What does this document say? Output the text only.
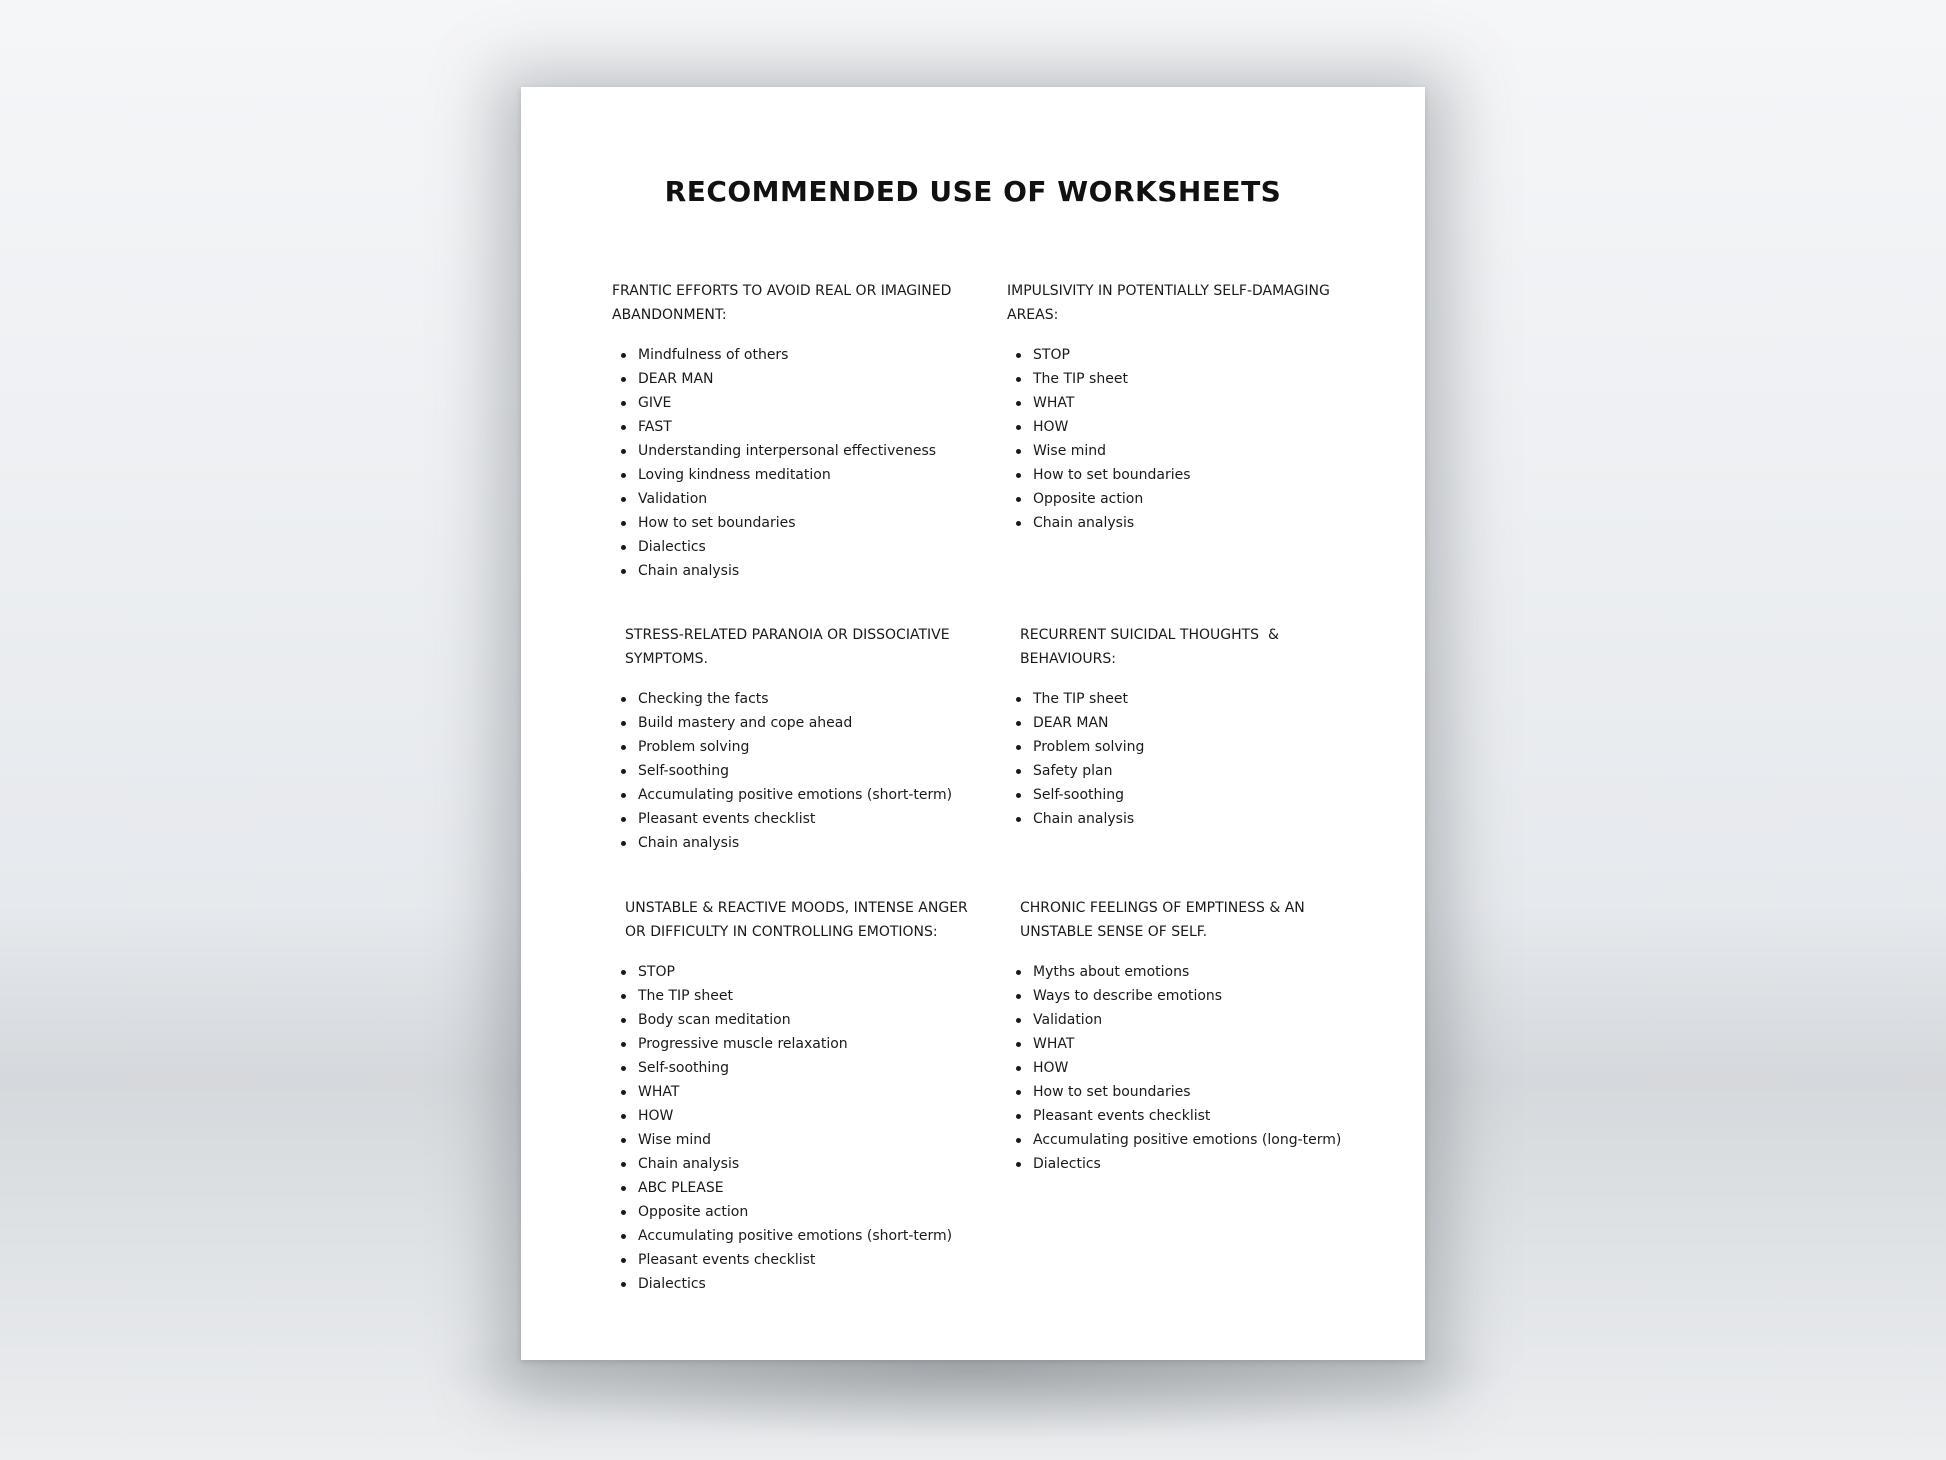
RECOMMENDED USE OF WORKSHEETS
FRANTIC EFFORTS TO AVOID REAL OR IMAGINED
ABANDONMENT:
Mindfulness of others
DEAR MAN
GIVE
FAST
Understanding interpersonal effectiveness
Loving kindness meditation
Validation
How to set boundaries
Dialectics
Chain analysis
IMPULSIVITY IN POTENTIALLY SELF-DAMAGING
AREAS:
STOP
The TIP sheet
WHAT
HOW
Wise mind
How to set boundaries
Opposite action
Chain analysis
STRESS-RELATED PARANOIA OR DISSOCIATIVE
SYMPTOMS.
Checking the facts
Build mastery and cope ahead
Problem solving
Self-soothing
Accumulating positive emotions (short-term)
Pleasant events checklist
Chain analysis
RECURRENT SUICIDAL THOUGHTS  &
BEHAVIOURS:
The TIP sheet
DEAR MAN
Problem solving
Safety plan
Self-soothing
Chain analysis
UNSTABLE & REACTIVE MOODS, INTENSE ANGER
OR DIFFICULTY IN CONTROLLING EMOTIONS:
STOP
The TIP sheet
Body scan meditation
Progressive muscle relaxation
Self-soothing
WHAT
HOW
Wise mind
Chain analysis
ABC PLEASE
Opposite action
Accumulating positive emotions (short-term)
Pleasant events checklist
Dialectics
CHRONIC FEELINGS OF EMPTINESS & AN
UNSTABLE SENSE OF SELF.
Myths about emotions
Ways to describe emotions
Validation
WHAT
HOW
How to set boundaries
Pleasant events checklist
Accumulating positive emotions (long-term)
Dialectics
